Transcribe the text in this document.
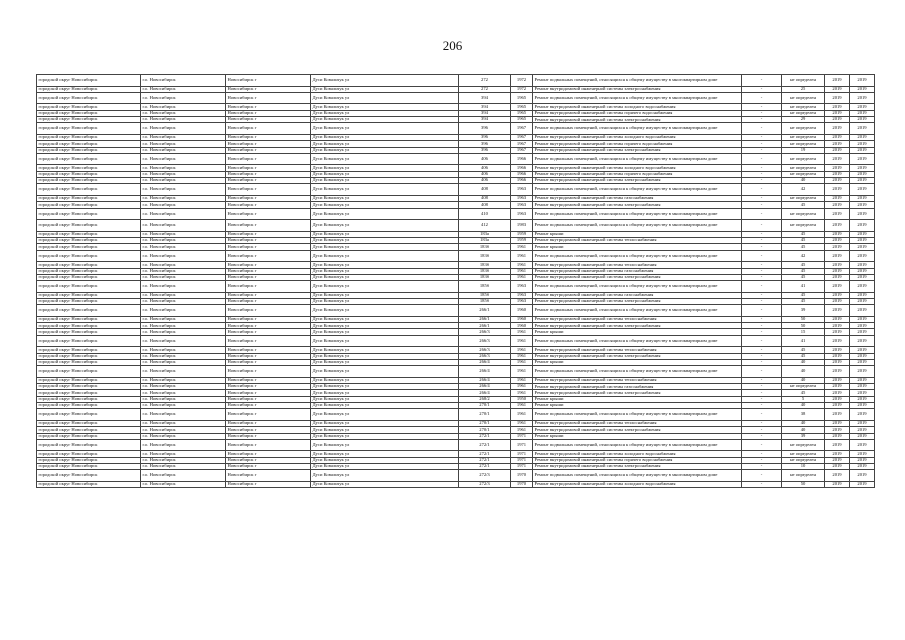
206
городской округ Новосибирск	г.о. Новосибирск	Новосибирск г	Дуси Ковальчук ул	272	1972	Ремонт подвальных помещений, относящихся к общему имуществу в многоквартирном доме	-	не определен	2019	2019
городской округ Новосибирск	г.о. Новосибирск	Новосибирск г	Дуси Ковальчук ул	272	1972	Ремонт внутридомовой инженерной системы электроснабжения	-	25	2019	2019
городской округ Новосибирск	г.о. Новосибирск	Новосибирск г	Дуси Ковальчук ул	394	1965	Ремонт подвальных помещений, относящихся к общему имуществу в многоквартирном доме	-	не определен	2019	2019
городской округ Новосибирск	г.о. Новосибирск	Новосибирск г	Дуси Ковальчук ул	394	1965	Ремонт внутридомовой инженерной системы холодного водоснабжения	-	не определен	2019	2019
городской округ Новосибирск	г.о. Новосибирск	Новосибирск г	Дуси Ковальчук ул	394	1965	Ремонт внутридомовой инженерной системы горячего водоснабжения	-	не определен	2019	2019
городской округ Новосибирск	г.о. Новосибирск	Новосибирск г	Дуси Ковальчук ул	394	1965	Ремонт внутридомовой инженерной системы электроснабжения	-	29	2019	2019
городской округ Новосибирск	г.о. Новосибирск	Новосибирск г	Дуси Ковальчук ул	396	1967	Ремонт подвальных помещений, относящихся к общему имуществу в многоквартирном доме	-	не определен	2019	2019
городской округ Новосибирск	г.о. Новосибирск	Новосибирск г	Дуси Ковальчук ул	396	1967	Ремонт внутридомовой инженерной системы холодного водоснабжения	-	не определен	2019	2019
городской округ Новосибирск	г.о. Новосибирск	Новосибирск г	Дуси Ковальчук ул	396	1967	Ремонт внутридомовой инженерной системы горячего водоснабжения	-	не определен	2019	2019
городской округ Новосибирск	г.о. Новосибирск	Новосибирск г	Дуси Ковальчук ул	396	1967	Ремонт внутридомовой инженерной системы электроснабжения	-	19	2019	2019
городской округ Новосибирск	г.о. Новосибирск	Новосибирск г	Дуси Ковальчук ул	406	1966	Ремонт подвальных помещений, относящихся к общему имуществу в многоквартирном доме	-	не определен	2019	2019
городской округ Новосибирск	г.о. Новосибирск	Новосибирск г	Дуси Ковальчук ул	406	1966	Ремонт внутридомовой инженерной системы холодного водоснабжения	-	не определен	2019	2019
городской округ Новосибирск	г.о. Новосибирск	Новосибирск г	Дуси Ковальчук ул	406	1966	Ремонт внутридомовой инженерной системы горячего водоснабжения	-	не определен	2019	2019
городской округ Новосибирск	г.о. Новосибирск	Новосибирск г	Дуси Ковальчук ул	406	1966	Ремонт внутридомовой инженерной системы электроснабжения	-	40	2019	2019
городской округ Новосибирск	г.о. Новосибирск	Новосибирск г	Дуси Ковальчук ул	408	1963	Ремонт подвальных помещений, относящихся к общему имуществу в многоквартирном доме	-	42	2019	2019
городской округ Новосибирск	г.о. Новосибирск	Новосибирск г	Дуси Ковальчук ул	408	1963	Ремонт внутридомовой инженерной системы газоснабжения	-	не определен	2019	2019
городской округ Новосибирск	г.о. Новосибирск	Новосибирск г	Дуси Ковальчук ул	408	1963	Ремонт внутридомовой инженерной системы электроснабжения	-	45	2019	2019
городской округ Новосибирск	г.о. Новосибирск	Новосибирск г	Дуси Ковальчук ул	410	1963	Ремонт подвальных помещений, относящихся к общему имуществу в многоквартирном доме	-	не определен	2019	2019
городской округ Новосибирск	г.о. Новосибирск	Новосибирск г	Дуси Ковальчук ул	412	1983	Ремонт подвальных помещений, относящихся к общему имуществу в многоквартирном доме	-	не определен	2019	2019
городской округ Новосибирск	г.о. Новосибирск	Новосибирск г	Дуси Ковальчук ул	183а	1959	Ремонт крыши	-	45	2019	2019
городской округ Новосибирск	г.о. Новосибирск	Новосибирск г	Дуси Ковальчук ул	183а	1959	Ремонт внутридомовой инженерной системы теплоснабжения	-	45	2019	2019
городской округ Новосибирск	г.о. Новосибирск	Новосибирск г	Дуси Ковальчук ул	183б	1961	Ремонт крыши	-	45	2019	2019
городской округ Новосибирск	г.о. Новосибирск	Новосибирск г	Дуси Ковальчук ул	183б	1961	Ремонт подвальных помещений, относящихся к общему имуществу в многоквартирном доме	-	42	2019	2019
городской округ Новосибирск	г.о. Новосибирск	Новосибирск г	Дуси Ковальчук ул	183б	1961	Ремонт внутридомовой инженерной системы теплоснабжения	-	45	2019	2019
городской округ Новосибирск	г.о. Новосибирск	Новосибирск г	Дуси Ковальчук ул	183б	1961	Ремонт внутридомовой инженерной системы газоснабжения	-	45	2019	2019
городской округ Новосибирск	г.о. Новосибирск	Новосибирск г	Дуси Ковальчук ул	183б	1961	Ремонт внутридомовой инженерной системы электроснабжения	-	45	2019	2019
городской округ Новосибирск	г.о. Новосибирск	Новосибирск г	Дуси Ковальчук ул	185б	1963	Ремонт подвальных помещений, относящихся к общему имуществу в многоквартирном доме	-	41	2019	2019
городской округ Новосибирск	г.о. Новосибирск	Новосибирск г	Дуси Ковальчук ул	185б	1963	Ремонт внутридомовой инженерной системы газоснабжения	-	45	2019	2019
городской округ Новосибирск	г.о. Новосибирск	Новосибирск г	Дуси Ковальчук ул	185б	1963	Ремонт внутридомовой инженерной системы электроснабжения	-	45	2019	2019
городской округ Новосибирск	г.о. Новосибирск	Новосибирск г	Дуси Ковальчук ул	266/1	1960	Ремонт подвальных помещений, относящихся к общему имуществу в многоквартирном доме	-	39	2019	2019
городской округ Новосибирск	г.о. Новосибирск	Новосибирск г	Дуси Ковальчук ул	266/1	1960	Ремонт внутридомовой инженерной системы теплоснабжения	-	50	2019	2019
городской округ Новосибирск	г.о. Новосибирск	Новосибирск г	Дуси Ковальчук ул	266/1	1960	Ремонт внутридомовой инженерной системы электроснабжения	-	50	2019	2019
городской округ Новосибирск	г.о. Новосибирск	Новосибирск г	Дуси Ковальчук ул	266/3	1961	Ремонт крыши	-	15	2019	2019
городской округ Новосибирск	г.о. Новосибирск	Новосибирск г	Дуси Ковальчук ул	266/3	1961	Ремонт подвальных помещений, относящихся к общему имуществу в многоквартирном доме	-	41	2019	2019
городской округ Новосибирск	г.о. Новосибирск	Новосибирск г	Дуси Ковальчук ул	266/3	1961	Ремонт внутридомовой инженерной системы теплоснабжения	-	45	2019	2019
городской округ Новосибирск	г.о. Новосибирск	Новосибирск г	Дуси Ковальчук ул	266/3	1961	Ремонт внутридомовой инженерной системы электроснабжения	-	45	2019	2019
городской округ Новосибирск	г.о. Новосибирск	Новосибирск г	Дуси Ковальчук ул	266/4	1961	Ремонт крыши	-	40	2019	2019
городской округ Новосибирск	г.о. Новосибирск	Новосибирск г	Дуси Ковальчук ул	266/4	1961	Ремонт подвальных помещений, относящихся к общему имуществу в многоквартирном доме	-	40	2019	2019
городской округ Новосибирск	г.о. Новосибирск	Новосибирск г	Дуси Ковальчук ул	266/4	1961	Ремонт внутридомовой инженерной системы теплоснабжения	-	40	2019	2019
городской округ Новосибирск	г.о. Новосибирск	Новосибирск г	Дуси Ковальчук ул	266/4	1961	Ремонт внутридомовой инженерной системы газоснабжения	-	не определен	2019	2019
городской округ Новосибирск	г.о. Новосибирск	Новосибирск г	Дуси Ковальчук ул	266/4	1961	Ремонт внутридомовой инженерной системы электроснабжения	-	45	2019	2019
городской округ Новосибирск	г.о. Новосибирск	Новосибирск г	Дуси Ковальчук ул	268/2	1950	Ремонт крыши	-	5	2019	2019
городской округ Новосибирск	г.о. Новосибирск	Новосибирск г	Дуси Ковальчук ул	270/1	1961	Ремонт крыши	-	40	2019	2019
городской округ Новосибирск	г.о. Новосибирск	Новосибирск г	Дуси Ковальчук ул	270/1	1961	Ремонт подвальных помещений, относящихся к общему имуществу в многоквартирном доме	-	38	2019	2019
городской округ Новосибирск	г.о. Новосибирск	Новосибирск г	Дуси Ковальчук ул	270/1	1961	Ремонт внутридомовой инженерной системы теплоснабжения	-	40	2019	2019
городской округ Новосибирск	г.о. Новосибирск	Новосибирск г	Дуси Ковальчук ул	270/1	1961	Ремонт внутридомовой инженерной системы электроснабжения	-	40	2019	2019
городской округ Новосибирск	г.о. Новосибирск	Новосибирск г	Дуси Ковальчук ул	272/1	1971	Ремонт крыши	-	39	2019	2019
городской округ Новосибирск	г.о. Новосибирск	Новосибирск г	Дуси Ковальчук ул	272/1	1971	Ремонт подвальных помещений, относящихся к общему имуществу в многоквартирном доме	-	не определен	2019	2019
городской округ Новосибирск	г.о. Новосибирск	Новосибирск г	Дуси Ковальчук ул	272/1	1971	Ремонт внутридомовой инженерной системы холодного водоснабжения	-	не определен	2019	2019
городской округ Новосибирск	г.о. Новосибирск	Новосибирск г	Дуси Ковальчук ул	272/1	1971	Ремонт внутридомовой инженерной системы горячего водоснабжения	-	не определен	2019	2019
городской округ Новосибирск	г.о. Новосибирск	Новосибирск г	Дуси Ковальчук ул	272/1	1971	Ремонт внутридомовой инженерной системы электроснабжения	-	10	2019	2019
городской округ Новосибирск	г.о. Новосибирск	Новосибирск г	Дуси Ковальчук ул	272/3	1970	Ремонт подвальных помещений, относящихся к общему имуществу в многоквартирном доме	-	не определен	2019	2019
городской округ Новосибирск	г.о. Новосибирск	Новосибирск г	Дуси Ковальчук ул	272/3	1970	Ремонт внутридомовой инженерной системы холодного водоснабжения	-	50	2019	2019
